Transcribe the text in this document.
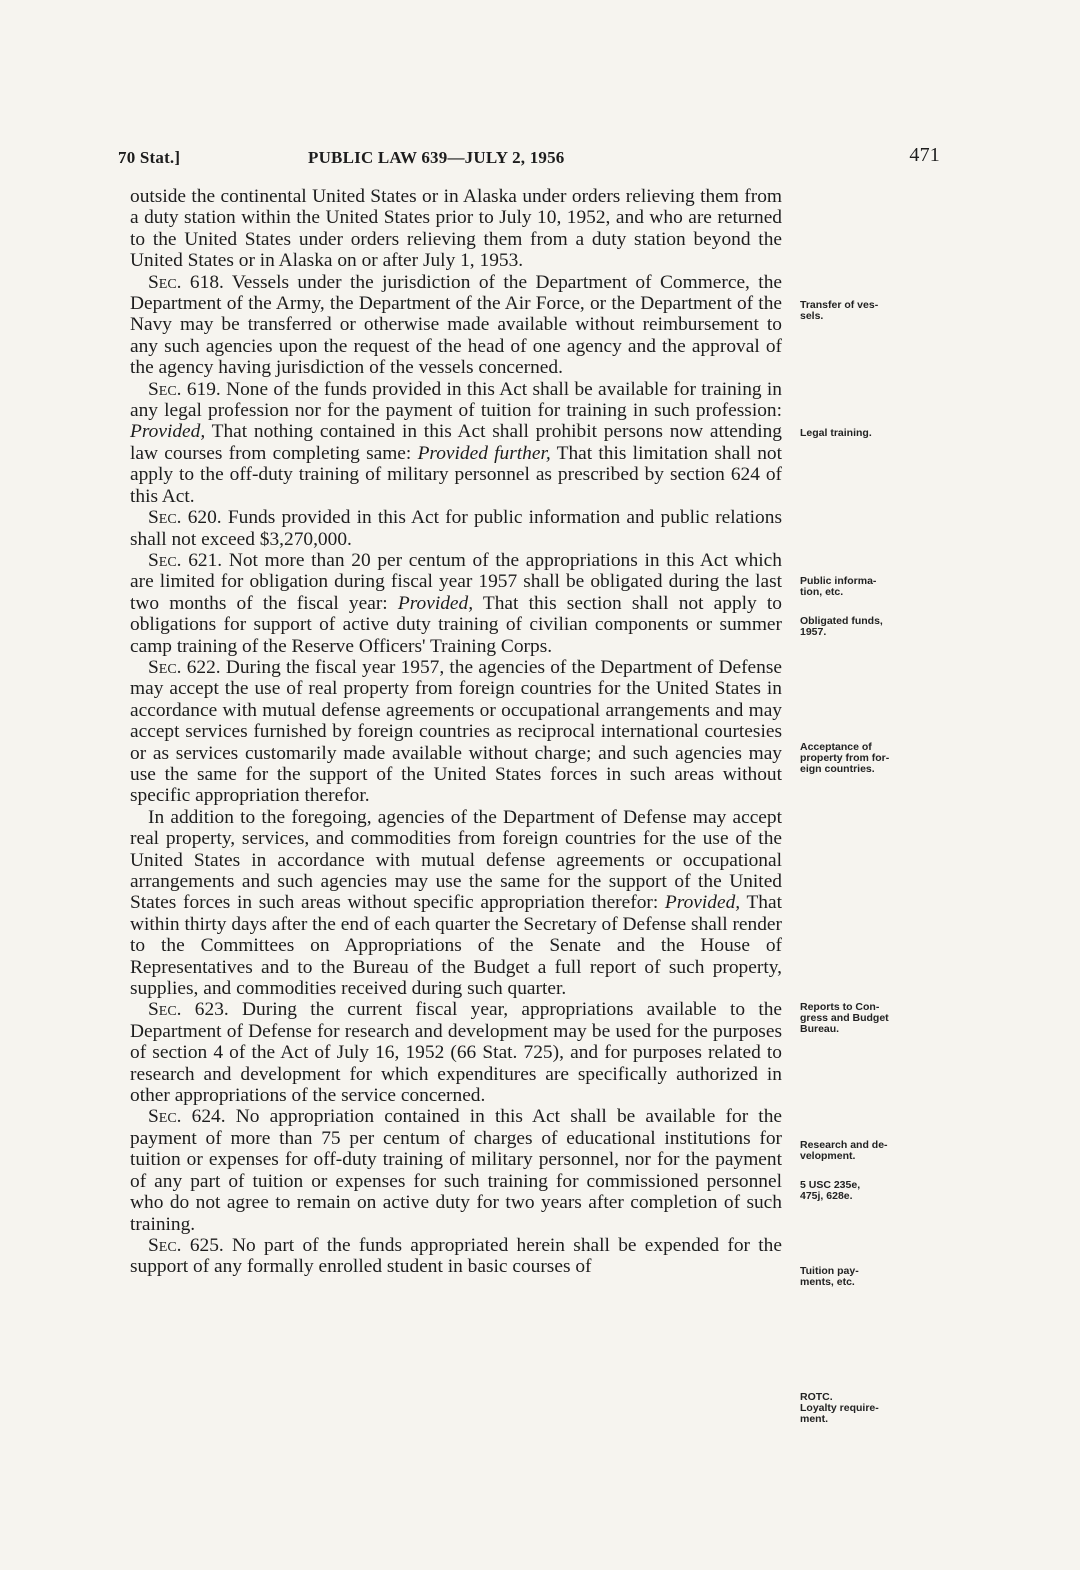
70 Stat.]	PUBLIC LAW 639—JULY 2, 1956	471

outside the continental United States or in Alaska under orders relieving them from a duty station within the United States prior to July 10, 1952, and who are returned to the United States under orders relieving them from a duty station beyond the United States or in Alaska on or after July 1, 1953.

Sec. 618. Vessels under the jurisdiction of the Department of Commerce, the Department of the Army, the Department of the Air Force, or the Department of the Navy may be transferred or otherwise made available without reimbursement to any such agencies upon the request of the head of one agency and the approval of the agency having jurisdiction of the vessels concerned.

Sec. 619. None of the funds provided in this Act shall be available for training in any legal profession nor for the payment of tuition for training in such profession: Provided, That nothing contained in this Act shall prohibit persons now attending law courses from completing same: Provided further, That this limitation shall not apply to the off-duty training of military personnel as prescribed by section 624 of this Act.

Sec. 620. Funds provided in this Act for public information and public relations shall not exceed $3,270,000.

Sec. 621. Not more than 20 per centum of the appropriations in this Act which are limited for obligation during fiscal year 1957 shall be obligated during the last two months of the fiscal year: Provided, That this section shall not apply to obligations for support of active duty training of civilian components or summer camp training of the Reserve Officers' Training Corps.

Sec. 622. During the fiscal year 1957, the agencies of the Department of Defense may accept the use of real property from foreign countries for the United States in accordance with mutual defense agreements or occupational arrangements and may accept services furnished by foreign countries as reciprocal international courtesies or as services customarily made available without charge; and such agencies may use the same for the support of the United States forces in such areas without specific appropriation therefor.

In addition to the foregoing, agencies of the Department of Defense may accept real property, services, and commodities from foreign countries for the use of the United States in accordance with mutual defense agreements or occupational arrangements and such agencies may use the same for the support of the United States forces in such areas without specific appropriation therefor: Provided, That within thirty days after the end of each quarter the Secretary of Defense shall render to the Committees on Appropriations of the Senate and the House of Representatives and to the Bureau of the Budget a full report of such property, supplies, and commodities received during such quarter.

Sec. 623. During the current fiscal year, appropriations available to the Department of Defense for research and development may be used for the purposes of section 4 of the Act of July 16, 1952 (66 Stat. 725), and for purposes related to research and development for which expenditures are specifically authorized in other appropriations of the service concerned.

Sec. 624. No appropriation contained in this Act shall be available for the payment of more than 75 per centum of charges of educational institutions for tuition or expenses for off-duty training of military personnel, nor for the payment of any part of tuition or expenses for such training for commissioned personnel who do not agree to remain on active duty for two years after completion of such training.

Sec. 625. No part of the funds appropriated herein shall be expended for the support of any formally enrolled student in basic courses of

Transfer of ves-
sels.
Legal training.
Public informa-
tion, etc.
Obligated funds,
1957.
Acceptance of
property from for-
eign countries.
Reports to Con-
gress and Budget
Bureau.
Research and de-
velopment.
5 USC 235e,
475j, 628e.
Tuition pay-
ments, etc.
ROTC.
Loyalty require-
ment.
